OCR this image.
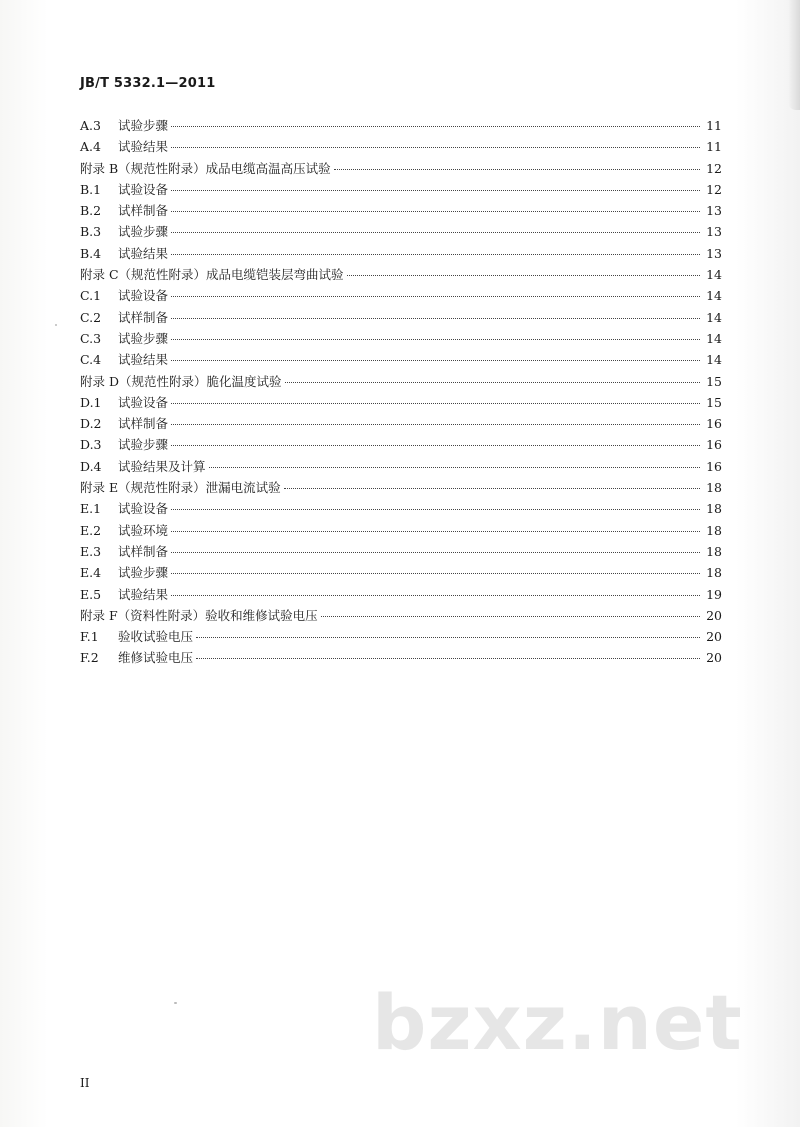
JB/T 5332.1—2011
A.3	试验步骤	11
A.4	试验结果	11
附录 B（规范性附录）成品电缆高温高压试验	12
B.1	试验设备	12
B.2	试样制备	13
B.3	试验步骤	13
B.4	试验结果	13
附录 C（规范性附录）成品电缆铠装层弯曲试验	14
C.1	试验设备	14
C.2	试样制备	14
C.3	试验步骤	14
C.4	试验结果	14
附录 D（规范性附录）脆化温度试验	15
D.1	试验设备	15
D.2	试样制备	16
D.3	试验步骤	16
D.4	试验结果及计算	16
附录 E（规范性附录）泄漏电流试验	18
E.1	试验设备	18
E.2	试验环境	18
E.3	试样制备	18
E.4	试验步骤	18
E.5	试验结果	19
附录 F（资料性附录）验收和维修试验电压	20
F.1	验收试验电压	20
F.2	维修试验电压	20
bzxz.net
II
